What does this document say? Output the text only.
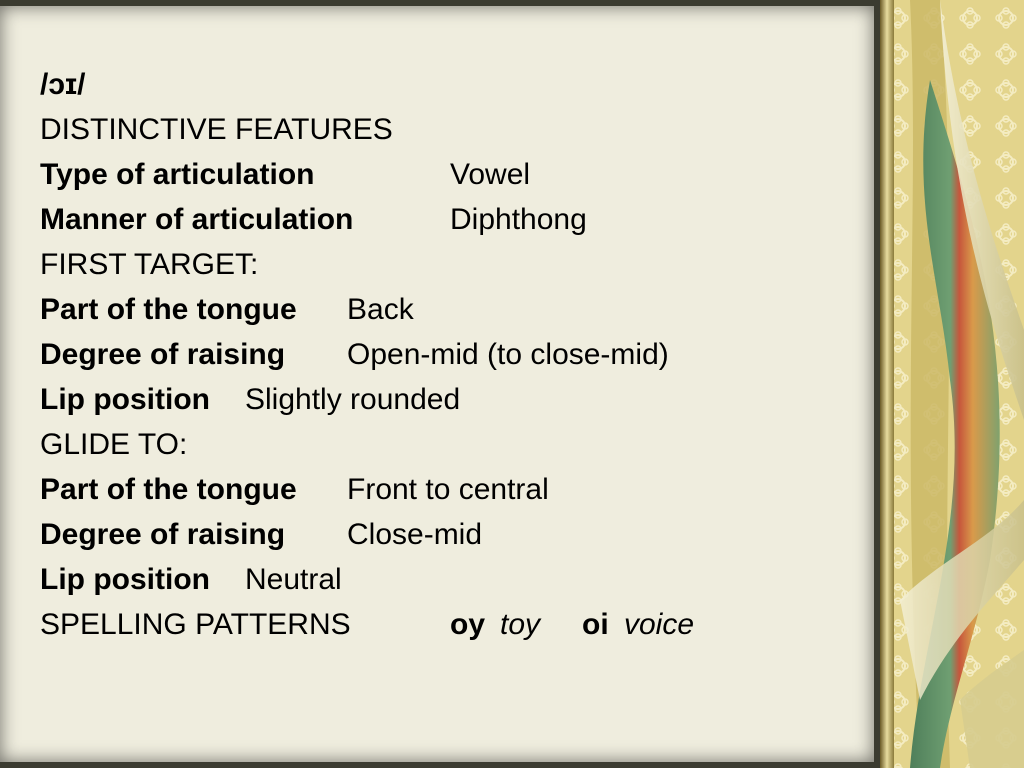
/ɔɪ/
DISTINCTIVE FEATURES
Type of articulation	Vowel
Manner of articulation	Diphthong
FIRST TARGET:
Part of the tongue Back
Degree of raising Open-mid (to close-mid)
Lip position Slightly rounded
GLIDE TO:
Part of the tongue Front to central
Degree of raising Close-mid
Lip position Neutral
SPELLING PATTERNS	oy toy oi voice
